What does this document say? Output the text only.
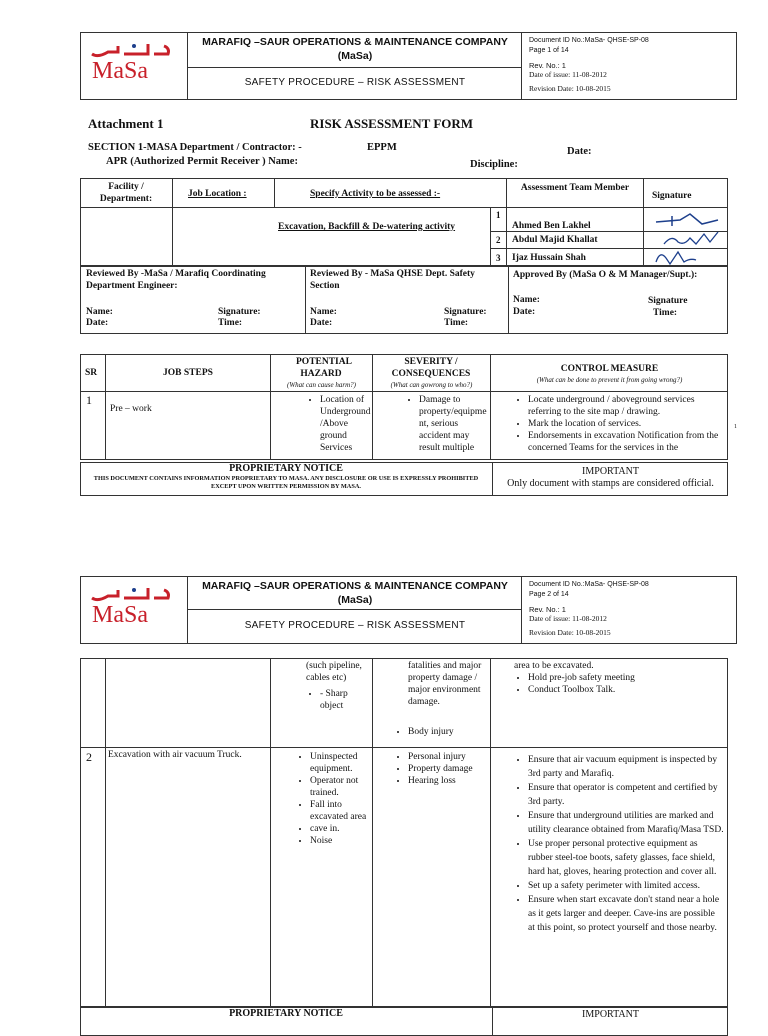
MaSa
MARAFIQ –SAUR OPERATIONS & MAINTENANCE COMPANY
(MaSa)
SAFETY PROCEDURE – RISK ASSESSMENT
Document ID No.:MaSa- QHSE-SP-08
Page 1 of 14
Rev. No.: 1
Date of issue: 11-08-2012
Revision Date: 10-08-2015
Attachment 1	RISK ASSESSMENT FORM
SECTION 1-MASA Department / Contractor: -	EPPM	Date:
APR (Authorized Permit Receiver ) Name:	Discipline:
Facility / Department:	Job Location :	Specify Activity to be assessed :-
Assessment Team Member
Signature
Excavation, Backfill & De-watering activity
1
Ahmed Ben Lakhel
2 Abdul Majid Khallat
3 Ijaz Hussain Shah
Reviewed By -MaSa / Marafiq Coordinating Department Engineer:
Reviewed By - MaSa QHSE Dept. Safety Section
Approved By (MaSa O & M Manager/Supt.):
Name:
Date:
Signature:
Time:
Name:
Date:
Signature:
Time:
Name:
Date:
Signature
Time:
SR	JOB STEPS
POTENTIAL HAZARD
(What can cause harm?)
SEVERITY / CONSEQUENCES
(What can gowrong to who?)
CONTROL MEASURE
(What can be done to prevent it from going wrong?)
1
Pre – work
• Location of Underground /Above ground Services
• Damage to property/equipme nt, serious accident may result multiple
• Locate underground / aboveground services referring to the site map / drawing.
• Mark the location of services.
• Endorsements in excavation Notification from the concerned Teams for the services in the
1
PROPRIETARY NOTICE
THIS DOCUMENT CONTAINS INFORMATION PROPRIETARY TO MASA. ANY DISCLOSURE OR USE IS EXPRESSLY PROHIBITED EXCEPT UPON WRITTEN PERMISSION BY MASA.
IMPORTANT
Only document with stamps are considered official.
MaSa
MARAFIQ –SAUR OPERATIONS & MAINTENANCE COMPANY
(MaSa)
SAFETY PROCEDURE – RISK ASSESSMENT
Document ID No.:MaSa- QHSE-SP-08
Page 2 of 14
Rev. No.: 1
Date of issue: 11-08-2012
Revision Date: 10-08-2015
(such pipeline, cables etc)
• - Sharp object
fatalities and major property damage / major environment damage.
• Body injury
area to be excavated.
• Hold pre-job safety meeting
• Conduct Toolbox Talk.
2 Excavation with air vacuum Truck.
•	Uninspected equipment.
• Operator not trained.
• Fall into excavated area
• cave in.
• Noise
• Personal injury
• Property damage
• Hearing loss
• Ensure that air vacuum equipment is inspected by 3rd party and Marafiq.
• Ensure that operator is competent and certified by 3rd party.
• Ensure that underground utilities are marked and utility clearance obtained from Marafiq/Masa TSD.
• Use proper personal protective equipment as rubber steel-toe boots, safety glasses, face shield, hard hat, gloves, hearing protection and cover all.
• Set up a safety perimeter with limited access.
• Ensure when start excavate don't stand near a hole as it gets larger and deeper. Cave-ins are possible at this point, so protect yourself and those nearby.
PROPRIETARY NOTICE	IMPORTANT
